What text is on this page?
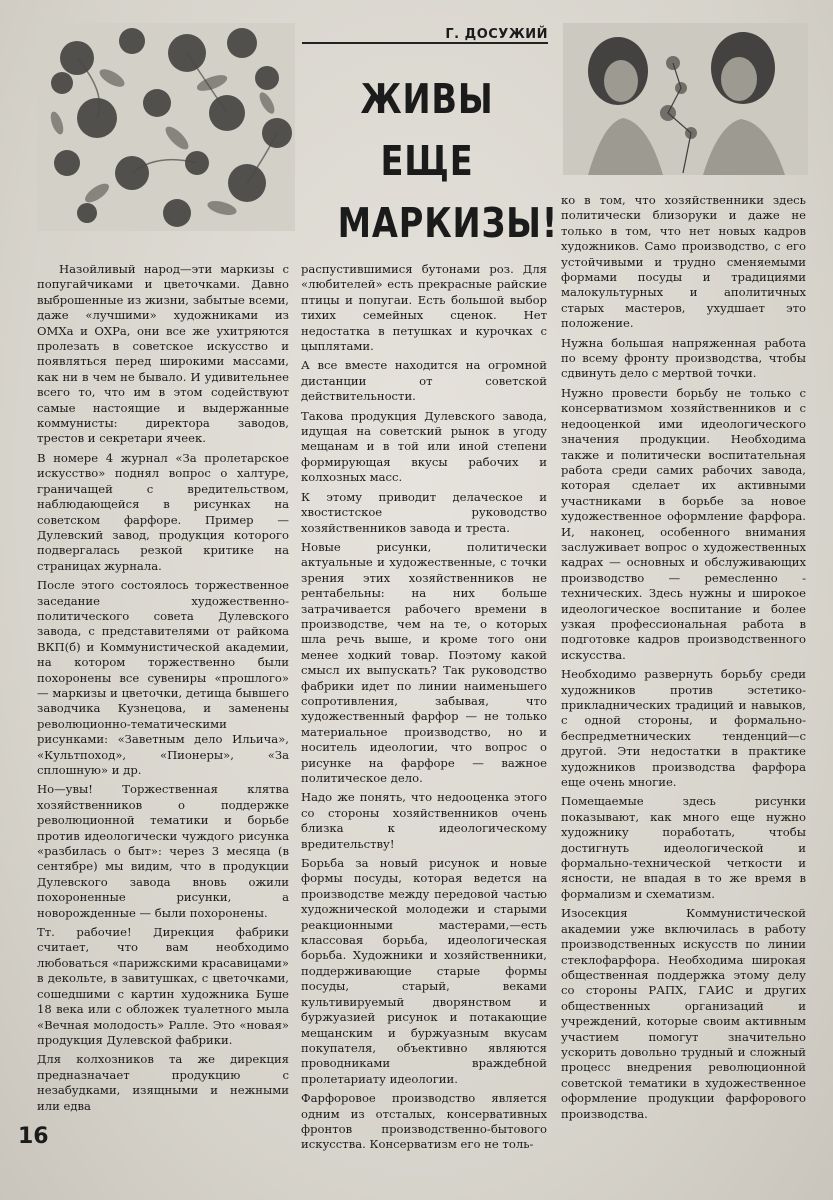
Г. ДОСУЖИЙ
ЖИВЫ ЕЩЕ
МАРКИЗЫ!

Назойливый народ—эти маркизы с попугайчиками и цветочками. Давно выброшенные из жизни, забытые всеми, даже «лучшими» художниками из ОМХа и ОХРа, они все же ухитряются пролезать в советское искусство и появляться перед широкими массами, как ни в чем не бывало. И удивительнее всего то, что им в этом содействуют самые настоящие и выдержанные коммунисты: директора заводов, трестов и секретари ячеек.

В номере 4 журнал «За пролетарское искусство» поднял вопрос о халтуре, граничащей с вредительством, наблюдающейся в рисунках на советском фарфоре. Пример — Дулевский завод, продукция которого подвергалась резкой критике на страницах журнала.

После этого состоялось торжественное заседание художественно-политического совета Дулевского завода, с представителями от райкома ВКП(б) и Коммунистической академии, на котором торжественно были похоронены все сувениры «прошлого» — маркизы и цветочки, детища бывшего заводчика Кузнецова, и заменены революционно-тематическими рисунками: «Заветным дело Ильича», «Культпоход», «Пионеры», «За сплошную» и др.

Но—увы! Торжественная клятва хозяйственников о поддержке революционной тематики и борьбе против идеологически чуждого рисунка «разбилась о быт»: через 3 месяца (в сентябре) мы видим, что в продукции Дулевского завода вновь ожили похороненные рисунки, а новорожденные — были похоронены.

Тт. рабочие! Дирекция фабрики считает, что вам необходимо любоваться «парижскими красавицами» в декольте, в завитушках, с цветочками, сошедшими с картин художника Буше 18 века или с обложек туалетного мыла «Вечная молодость» Ралле. Это «новая» продукция Дулевской фабрики.

Для колхозников та же дирекция предназначает продукцию с незабудками, изящными и нежными или едва

распустившимися бутонами роз. Для «любителей» есть прекрасные райские птицы и попугаи. Есть большой выбор тихих семейных сценок. Нет недостатка в петушках и курочках с цыплятами.

А все вместе находится на огромной дистанции от советской действительности.

Такова продукция Дулевского завода, идущая на советский рынок в угоду мещанам и в той или иной степени формирующая вкусы рабочих и колхозных масс.

К этому приводит делаческое и хвостистское руководство хозяйственников завода и треста.

Новые рисунки, политически актуальные и художественные, с точки зрения этих хозяйственников не рентабельны: на них больше затрачивается рабочего времени в производстве, чем на те, о которых шла речь выше, и кроме того они менее ходкий товар. Поэтому какой смысл их выпускать? Так руководство фабрики идет по линии наименьшего сопротивления, забывая, что художественный фарфор — не только материальное производство, но и носитель идеологии, что вопрос о рисунке на фарфоре — важное политическое дело.

Надо же понять, что недооценка этого со стороны хозяйственников очень близка к идеологическому вредительству!

Борьба за новый рисунок и новые формы посуды, которая ведется на производстве между передовой частью художнической молодежи и старыми реакционными мастерами,—есть классовая борьба, идеологическая борьба. Художники и хозяйственники, поддерживающие старые формы посуды, старый, веками культивируемый дворянством и буржуазией рисунок и потакающие мещанским и буржуазным вкусам покупателя, объективно являются проводниками враждебной пролетариату идеологии.

Фарфоровое производство является одним из отсталых, консервативных фронтов производственно-бытового искусства. Консерватизм его не толь-

ко в том, что хозяйственники здесь политически близоруки и даже не только в том, что нет новых кадров художников. Само производство, с его устойчивыми и трудно сменяемыми формами посуды и традициями малокультурных и аполитичных старых мастеров, ухудшает это положение.

Нужна большая напряженная работа по всему фронту производства, чтобы сдвинуть дело с мертвой точки.

Нужно провести борьбу не только с консерватизмом хозяйственников и с недооценкой ими идеологического значения продукции. Необходима также и политически воспитательная работа среди самих рабочих завода, которая сделает их активными участниками в борьбе за новое художественное оформление фарфора. И, наконец, особенного внимания заслуживает вопрос о художественных кадрах — основных и обслуживающих производство — ремесленно - технических. Здесь нужны и широкое идеологическое воспитание и более узкая профессиональная работа в подготовке кадров производственного искусства.

Необходимо развернуть борьбу среди художников против эстетико-прикладнических традиций и навыков, с одной стороны, и формально-беспредметнических тенденций—с другой. Эти недостатки в практике художников производства фарфора еще очень многие.

Помещаемые здесь рисунки показывают, как много еще нужно художнику поработать, чтобы достигнуть идеологической и формально-технической четкости и ясности, не впадая в то же время в формализм и схематизм.

Изосекция Коммунистической академии уже включилась в работу производственных искусств по линии стеклофарфора. Необходима широкая общественная поддержка этому делу со стороны РАПХ, ГАИС и других общественных организаций и учреждений, которые своим активным участием помогут значительно ускорить довольно трудный и сложный процесс внедрения революционной советской тематики в художественное оформление продукции фарфорового производства.

16
